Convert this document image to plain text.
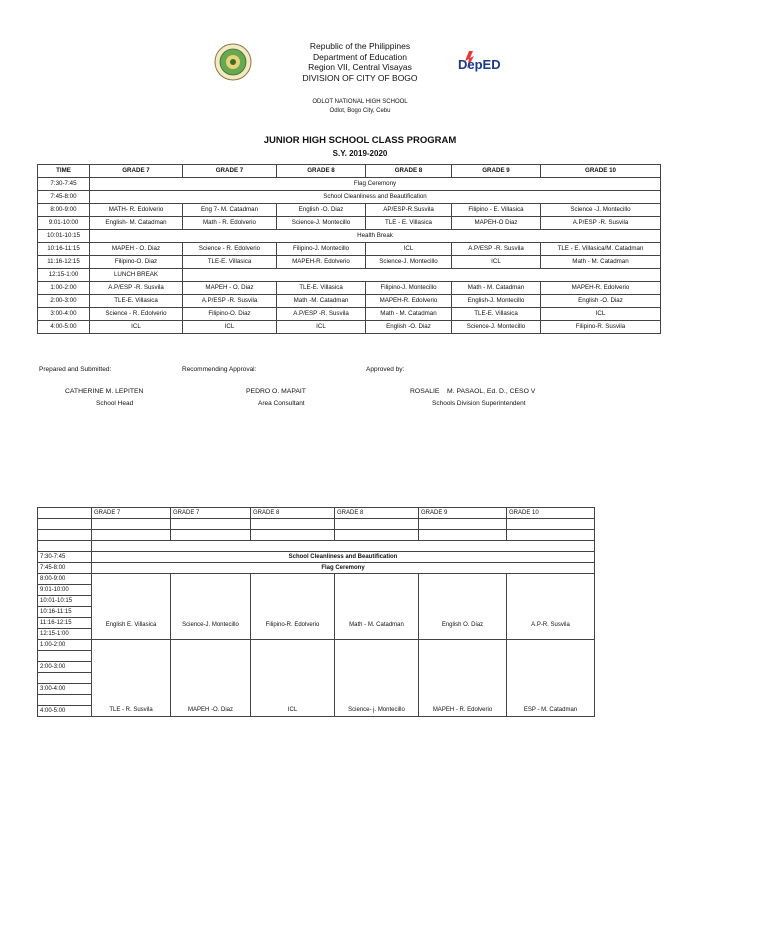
Republic of the Philippines
Department of Education
Region VII, Central Visayas
DIVISION OF CITY OF BOGO
DepED
ODLOT NATIONAL HIGH SCHOOL
Odlot, Bogo City, Cebu
JUNIOR HIGH SCHOOL CLASS PROGRAM
S.Y. 2019-2020
TIME	GRADE 7	GRADE 7	GRADE 8	GRADE 8	GRADE 9	GRADE 10
7:30-7:45	Flag Ceremony					
7:45-8:00	School Cleanliness and Beautification					
8:00-9:00	MATH- R. Edolverio	Eng 7- M. Catadman	English -O. Diaz	AP/ESP-R.Susvila	Filipino - E. Villasica	Science -J. Montecillo
9:01-10:00	English- M. Catadman	Math - R. Edolverio	Science-J. Montecillo	TLE - E. Villasica	MAPEH-O Diaz	A.P/ESP -R. Susvila
10:01-10:15	Health Break					
10:16-11:15	MAPEH - O. Diaz	Science - R. Edolverio	Filipino-J. Montecillo	ICL	A.P/ESP -R. Susvila	TLE - E. Villasica/M. Catadman
11:16-12:15	Filipino-O. Diaz	TLE-E. Villasica	MAPEH-R. Edolverio	Science-J. Montecillo	ICL	Math - M. Catadman
12:15-1:00	LUNCH BREAK					
1:00-2:00	A.P/ESP -R. Susvila	MAPEH - O. Diaz	TLE-E. Villasica	Filipino-J. Montecillo	Math - M. Catadman	MAPEH-R. Edolverio
2:00-3:00	TLE-E. Villasica	A.P/ESP -R. Susvila	Math -M. Catadman	MAPEH-R. Edolverio	English-J. Montecillo	English -O. Diaz
3:00-4:00	Science - R. Edolverio	Filipino-O. Diaz	A.P/ESP -R. Susvila	Math - M. Catadman	TLE-E. Villasica	ICL
4:00-5:00	ICL	ICL	ICL	English -O. Diaz	Science-J. Montecillo	Filipino-R. Susvila
Prepared and Submitted:	Recommending Approval:	Approved by:
CATHERINE M. LEPITEN
School Head
PEDRO O. MAPAIT
Area Consultant
ROSALIE    M. PASAOL, Ed. D., CESO V
Schools Division Superintendent
	GRADE 7	GRADE 7	GRADE 8	GRADE 8	GRADE 9	GRADE 10

7:30-7:45	School Cleanliness and Beautification					
7:45-8:00	Flag Ceremony					
8:00-9:00	English E. Villasica	Science-J. Montecillo	Filipino-R. Edolverio	Math - M. Catadman	English O. Diaz	A.P-R. Susvila
9:01-10:00						
10:01-10:15						
10:16-11:15						
11:16-12:15						
12:15-1:00						
1:00-2:00	TLE - R. Susvila	MAPEH -O. Diaz	ICL	Science- j. Montecillo	MAPEH - R. Edolverio	ESP - M. Catadman

2:00-3:00						

3:00-4:00						

4:00-5:00						
